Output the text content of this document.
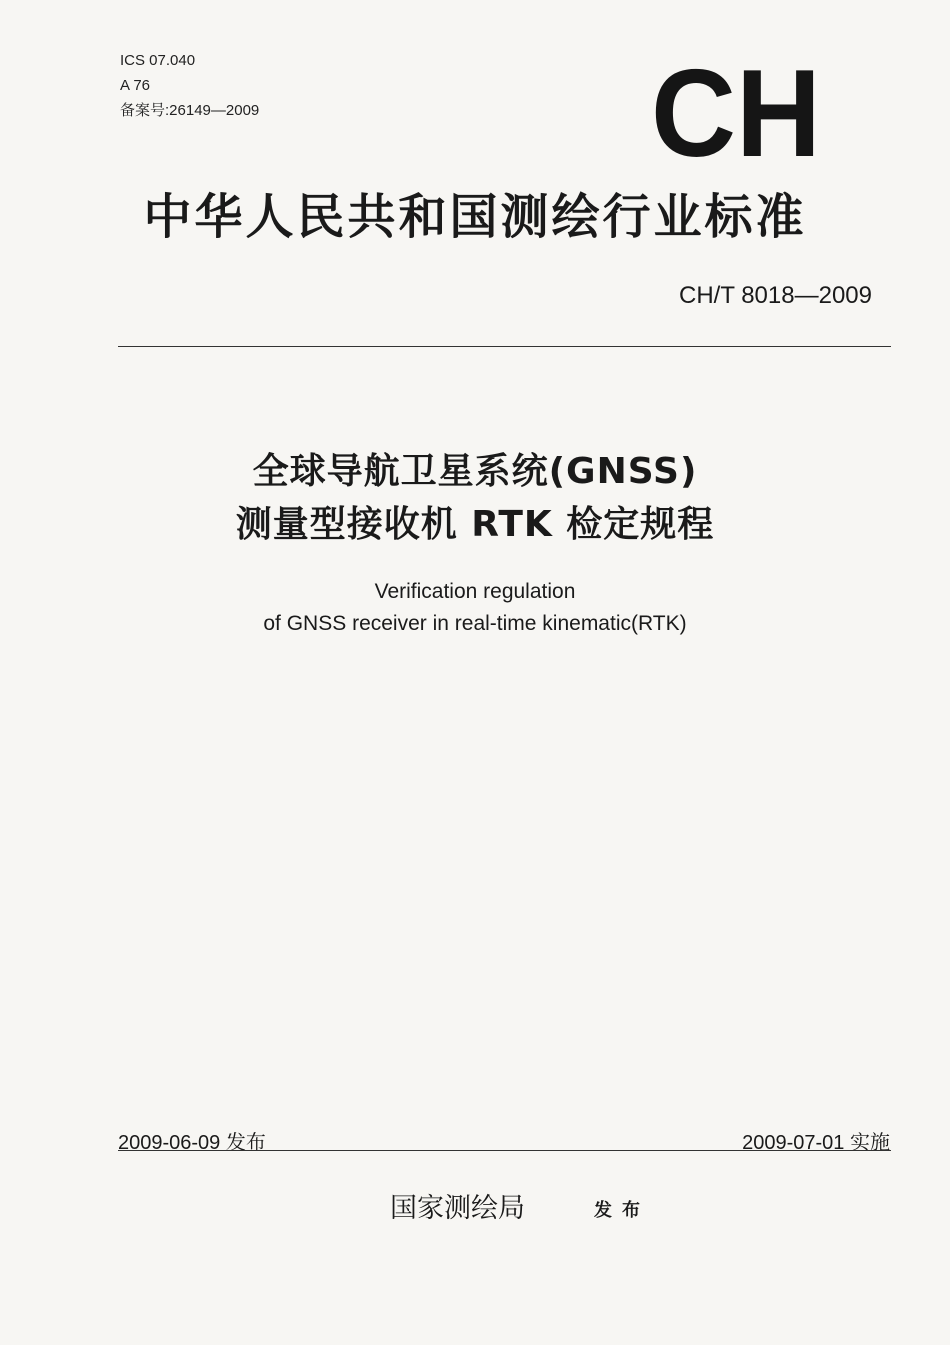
ICS 07.040
A 76
备案号:26149—2009	CH
中华人民共和国测绘行业标准
CH/T 8018—2009
全球导航卫星系统(GNSS)
测量型接收机 RTK 检定规程
Verification regulation
of GNSS receiver in real-time kinematic(RTK)
2009-06-09 发布	2009-07-01 实施
国家测绘局	发布
